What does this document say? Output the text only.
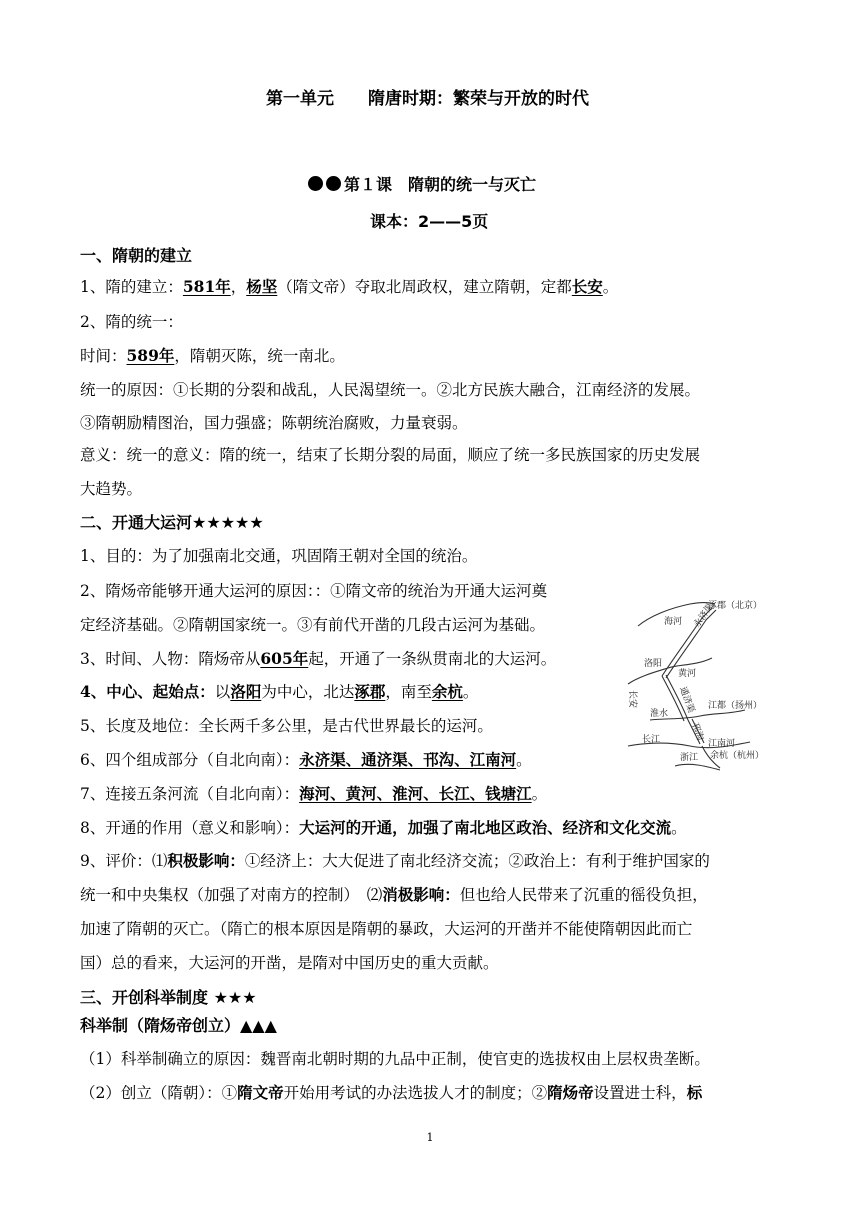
第一单元　　隋唐时期：繁荣与开放的时代
第１课　隋朝的统一与灭亡
课本：2——5页
一、隋朝的建立
1、隋的建立：581年，杨坚（隋文帝）夺取北周政权，建立隋朝，定都长安。
2、隋的统一：
时间：589年，隋朝灭陈，统一南北。
统一的原因：①长期的分裂和战乱，人民渴望统一。②北方民族大融合，江南经济的发展。
③隋朝励精图治，国力强盛；陈朝统治腐败，力量衰弱。
意义：统一的意义：隋的统一，结束了长期分裂的局面，顺应了统一多民族国家的历史发展
大趋势。
二、开通大运河★★★★★
1、目的：为了加强南北交通，巩固隋王朝对全国的统治。
2、隋炀帝能够开通大运河的原因：：①隋文帝的统治为开通大运河奠
定经济基础。②隋朝国家统一。③有前代开凿的几段古运河为基础。
3、时间、人物：隋炀帝从605年起，开通了一条纵贯南北的大运河。
4、中心、起始点：以洛阳为中心，北达涿郡，南至余杭。
5、长度及地位：全长两千多公里，是古代世界最长的运河。
6、四个组成部分（自北向南）：永济渠、通济渠、邗沟、江南河。
7、连接五条河流（自北向南）：海河、黄河、淮河、长江、钱塘江。
8、开通的作用（意义和影响）：大运河的开通，加强了南北地区政治、经济和文化交流。
9、评价：⑴积极影响：①经济上：大大促进了南北经济交流；②政治上：有利于维护国家的
统一和中央集权（加强了对南方的控制）　⑵消极影响：但也给人民带来了沉重的徭役负担，
加速了隋朝的灭亡。（隋亡的根本原因是隋朝的暴政，大运河的开凿并不能使隋朝因此而亡
国）总的看来，大运河的开凿，是隋对中国历史的重大贡献。
三、开创科举制度 ★★★
科举制（隋炀帝创立）▲▲▲
（1）科举制确立的原因：魏晋南北朝时期的九品中正制，使官吏的选拔权由上层权贵垄断。
（2）创立（隋朝）：①隋文帝开始用考试的办法选拔人才的制度；②隋炀帝设置进士科，标
涿郡（北京）
海河 永济渠
洛阳
黄河
长安	通济渠
淮水
江都（扬州）
邗沟
长江	江南河
余杭（杭州）
浙江
1
